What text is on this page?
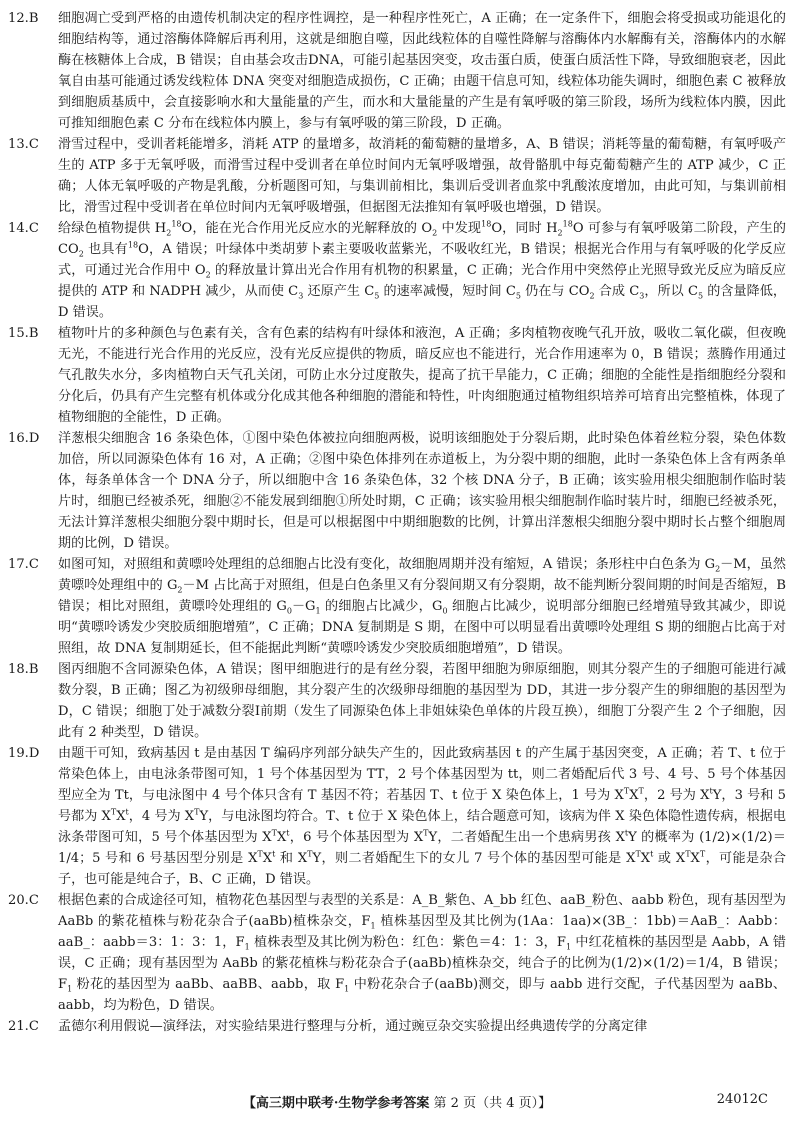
12.B	细胞凋亡受到严格的由遗传机制决定的程序性调控，是一种程序性死亡，A 正确；在一定条件下，细胞会将受损或功能退化的细胞结构等，通过溶酶体降解后再利用，这就是细胞自噬，因此线粒体的自噬性降解与溶酶体内水解酶有关，溶酶体内的水解酶在核糖体上合成，B 错误；自由基会攻击DNA，可能引起基因突变，攻击蛋白质，使蛋白质活性下降，导致细胞衰老，因此氧自由基可能通过诱发线粒体 DNA 突变对细胞造成损伤，C 正确；由题干信息可知，线粒体功能失调时，细胞色素 C 被释放到细胞质基质中，会直接影响水和大量能量的产生，而水和大量能量的产生是有氧呼吸的第三阶段，场所为线粒体内膜，因此可推知细胞色素 C 分布在线粒体内膜上，参与有氧呼吸的第三阶段，D 正确。
13.C	滑雪过程中，受训者耗能增多，消耗 ATP 的量增多，故消耗的葡萄糖的量增多，A、B 错误；消耗等量的葡萄糖，有氧呼吸产生的 ATP 多于无氧呼吸，而滑雪过程中受训者在单位时间内无氧呼吸增强，故骨骼肌中每克葡萄糖产生的 ATP 减少，C 正确；人体无氧呼吸的产物是乳酸，分析题图可知，与集训前相比，集训后受训者血浆中乳酸浓度增加，由此可知，与集训前相比，滑雪过程中受训者在单位时间内无氧呼吸增强，但据图无法推知有氧呼吸也增强，D 错误。
14.C	给绿色植物提供 $H_2^{18}O$，能在光合作用光反应水的光解释放的 $O_2$ 中发现$^{18}$O，同时 $H_2^{18}O$ 可参与有氧呼吸第二阶段，产生的 $CO_2$ 也具有$^{18}$O，A 错误；叶绿体中类胡萝卜素主要吸收蓝紫光，不吸收红光，B 错误；根据光合作用与有氧呼吸的化学反应式，可通过光合作用中 $O_2$ 的释放量计算出光合作用有机物的积累量，C 正确；光合作用中突然停止光照导致光反应为暗反应提供的 ATP 和 NADPH 减少，从而使 $C_3$ 还原产生 $C_5$ 的速率减慢，短时间 $C_5$ 仍在与 $CO_2$ 合成 $C_3$，所以 $C_5$ 的含量降低，D 错误。
15.B	植物叶片的多种颜色与色素有关，含有色素的结构有叶绿体和液泡，A 正确；多肉植物夜晚气孔开放，吸收二氧化碳，但夜晚无光，不能进行光合作用的光反应，没有光反应提供的物质，暗反应也不能进行，光合作用速率为 0，B 错误；蒸腾作用通过气孔散失水分，多肉植物白天气孔关闭，可防止水分过度散失，提高了抗干旱能力，C 正确；细胞的全能性是指细胞经分裂和分化后，仍具有产生完整有机体或分化成其他各种细胞的潜能和特性，叶肉细胞通过植物组织培养可培育出完整植株，体现了植物细胞的全能性，D 正确。
16.D	洋葱根尖细胞含 16 条染色体，①图中染色体被拉向细胞两极，说明该细胞处于分裂后期，此时染色体着丝粒分裂，染色体数加倍，所以同源染色体有 16 对，A 正确；②图中染色体排列在赤道板上，为分裂中期的细胞，此时一条染色体上含有两条单体，每条单体含一个 DNA 分子，所以细胞中含 16 条染色体，32 个核 DNA 分子，B 正确；该实验用根尖细胞制作临时装片时，细胞已经被杀死，细胞②不能发展到细胞①所处时期，C 正确；该实验用根尖细胞制作临时装片时，细胞已经被杀死，无法计算洋葱根尖细胞分裂中期时长，但是可以根据图中中期细胞数的比例，计算出洋葱根尖细胞分裂中期时长占整个细胞周期的比例，D 错误。
17.C	如图可知，对照组和黄嘌呤处理组的总细胞占比没有变化，故细胞周期并没有缩短，A 错误；条形柱中白色条为 $G_2-M$，虽然黄嘌呤处理组中的 $G_2-M$ 占比高于对照组，但是白色条里又有分裂间期又有分裂期，故不能判断分裂间期的时间是否缩短，B 错误；相比对照组，黄嘌呤处理组的 $G_0-G_1$ 的细胞占比减少，$G_0$ 细胞占比减少，说明部分细胞已经增殖导致其减少，即说明“黄嘌呤诱发少突胶质细胞增殖”，C 正确；DNA 复制期是 S 期，在图中可以明显看出黄嘌呤处理组 S 期的细胞占比高于对照组，故 DNA 复制期延长，但不能据此判断“黄嘌呤诱发少突胶质细胞增殖”，D 错误。
18.B	图丙细胞不含同源染色体，A 错误；图甲细胞进行的是有丝分裂，若图甲细胞为卵原细胞，则其分裂产生的子细胞可能进行减数分裂，B 正确；图乙为初级卵母细胞，其分裂产生的次级卵母细胞的基因型为 DD，其进一步分裂产生的卵细胞的基因型为 D，C 错误；细胞丁处于减数分裂Ⅰ前期（发生了同源染色体上非姐妹染色单体的片段互换），细胞丁分裂产生 2 个子细胞，因此有 2 种类型，D 错误。
19.D	由题干可知，致病基因 t 是由基因 T 编码序列部分缺失产生的，因此致病基因 t 的产生属于基因突变，A 正确；若 T、t 位于常染色体上，由电泳条带图可知，1 号个体基因型为 TT，2 号个体基因型为 tt，则二者婚配后代 3 号、4 号、5 号个体基因型应全为 Tt，与电泳图中 4 号个体只含有 T 基因不符；若基因 T、t 位于 X 染色体上，1 号为 $X^TX^T$，2 号为 $X^tY$，3 号和 5 号都为 $X^TX^t$，4 号为 $X^TY$，与电泳图均符合。T、t 位于 X 染色体上，结合题意可知，该病为伴 X 染色体隐性遗传病，根据电泳条带图可知，5 号个体基因型为 $X^TX^t$，6 号个体基因型为 $X^TY$，二者婚配生出一个患病男孩 $X^tY$ 的概率为 (1/2)×(1/2)＝1/4；5 号和 6 号基因型分别是 $X^TX^t$ 和 $X^TY$，则二者婚配生下的女儿 7 号个体的基因型可能是 $X^TX^t$ 或 $X^TX^T$，可能是杂合子，也可能是纯合子，B、C 正确，D 错误。
20.C	根据色素的合成途径可知，植物花色基因型与表型的关系是：A_B_紫色、A_bb 红色、aaB_粉色、aabb 粉色，现有基因型为 AaBb 的紫花植株与粉花杂合子(aaBb)植株杂交，$F_1$ 植株基因型及其比例为(1Aa：1aa)×(3B_：1bb)＝AaB_：Aabb：aaB_：aabb＝3：1：3：1，$F_1$ 植株表型及其比例为粉色：红色：紫色＝4：1：3，$F_1$ 中红花植株的基因型是 Aabb，A 错误，C 正确；现有基因型为 AaBb 的紫花植株与粉花杂合子(aaBb)植株杂交，纯合子的比例为(1/2)×(1/2)＝1/4，B 错误；$F_1$ 粉花的基因型为 aaBb、aaBB、aabb，取 $F_1$ 中粉花杂合子(aaBb)测交，即与 aabb 进行交配，子代基因型为 aaBb、aabb，均为粉色，D 错误。
21.C	孟德尔利用假说—演绎法，对实验结果进行整理与分析，通过豌豆杂交实验提出经典遗传学的分离定律
【高三期中联考·生物学参考答案 第 2 页（共 4 页）】	24012C
